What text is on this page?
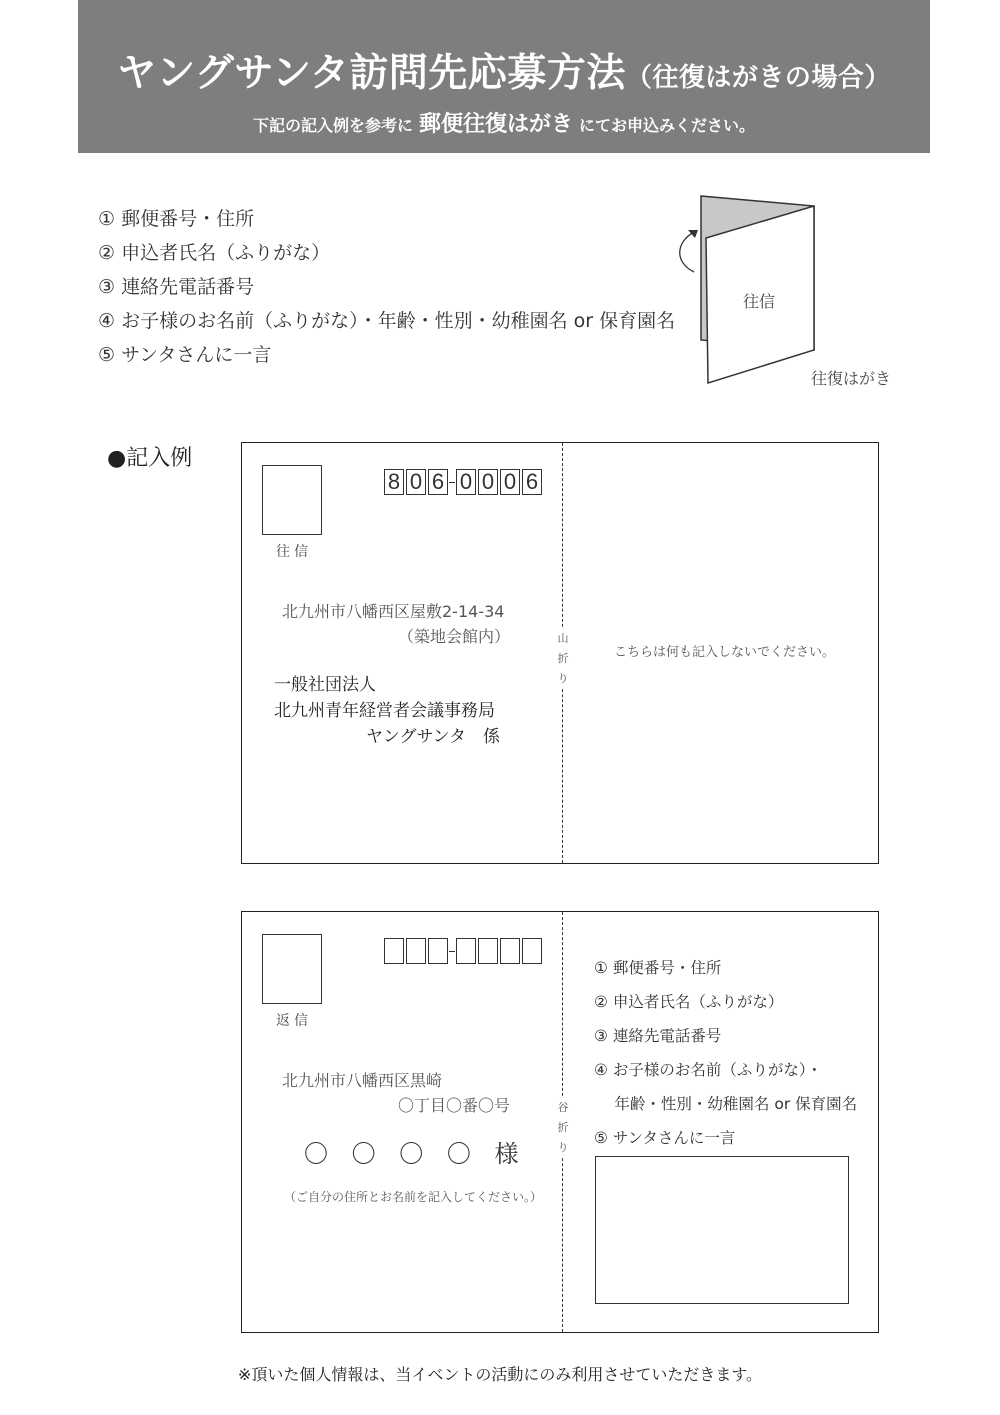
ヤングサンタ訪問先応募方法（往復はがきの場合）
下記の記入例を参考に 郵便往復はがき にてお申込みください。
① 郵便番号・住所
② 申込者氏名（ふりがな）
③ 連絡先電話番号
④ お子様のお名前（ふりがな）・年齢・性別・幼稚園名 or 保育園名
⑤ サンタさんに一言
往信
往復はがき
●記入例
往信
8 0 6 0 0 0 6
北九州市八幡西区屋敷2-14-34
（築地会館内）
一般社団法人
北九州青年経営者会議事務局
ヤングサンタ　係
山
折
り
こちらは何も記入しないでください。
返信
北九州市八幡西区黒崎
〇丁目〇番〇号
〇 〇 〇 〇 様
（ご自分の住所とお名前を記入してください。）
谷
折
り
① 郵便番号・住所
② 申込者氏名（ふりがな）
③ 連絡先電話番号
④ お子様のお名前（ふりがな）・
　 年齢・性別・幼稚園名 or 保育園名
⑤ サンタさんに一言
※頂いた個人情報は、当イベントの活動にのみ利用させていただきます。
